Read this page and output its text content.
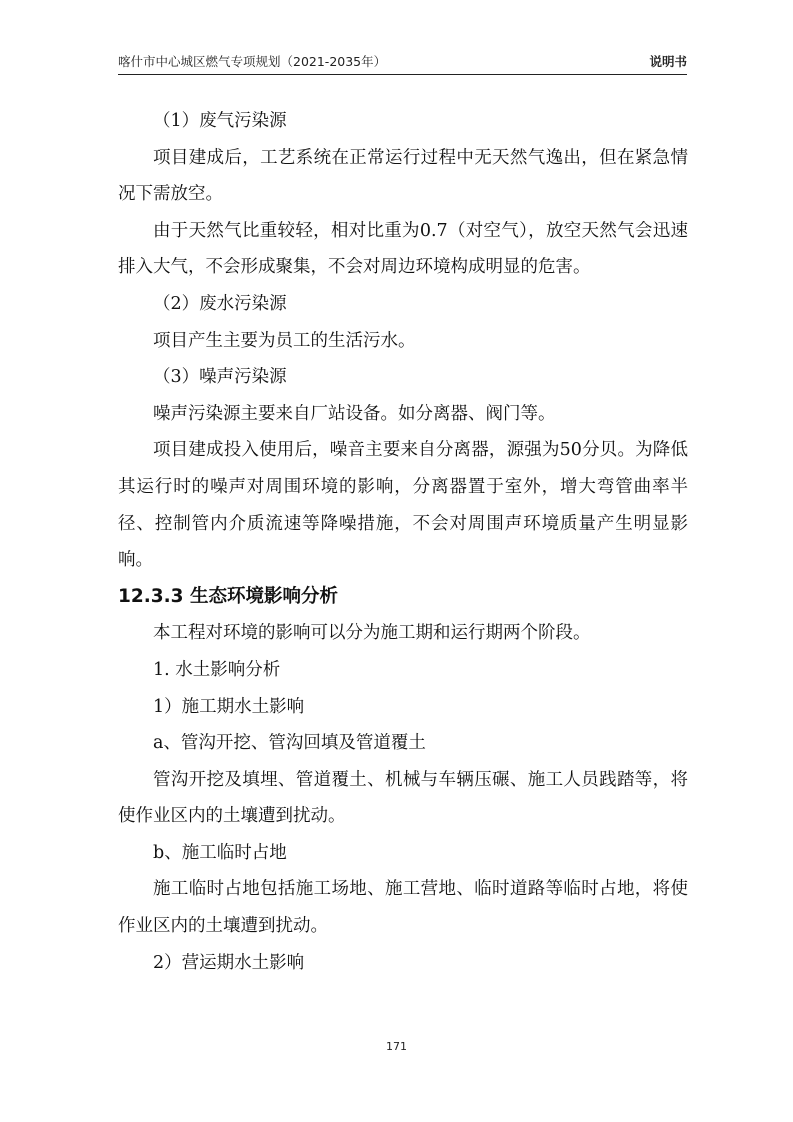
喀什市中心城区燃气专项规划（2021-2035年）	说明书

（1）废气污染源

项目建成后，工艺系统在正常运行过程中无天然气逸出，但在紧急情况下需放空。

由于天然气比重较轻，相对比重为0.7（对空气），放空天然气会迅速排入大气，不会形成聚集，不会对周边环境构成明显的危害。

（2）废水污染源

项目产生主要为员工的生活污水。

（3）噪声污染源

噪声污染源主要来自厂站设备。如分离器、阀门等。

项目建成投入使用后，噪音主要来自分离器，源强为50分贝。为降低其运行时的噪声对周围环境的影响，分离器置于室外，增大弯管曲率半径、控制管内介质流速等降噪措施，不会对周围声环境质量产生明显影响。

12.3.3 生态环境影响分析

本工程对环境的影响可以分为施工期和运行期两个阶段。

1. 水土影响分析

1）施工期水土影响

a、管沟开挖、管沟回填及管道覆土

管沟开挖及填埋、管道覆土、机械与车辆压碾、施工人员践踏等，将使作业区内的土壤遭到扰动。

b、施工临时占地

施工临时占地包括施工场地、施工营地、临时道路等临时占地，将使作业区内的土壤遭到扰动。

2）营运期水土影响

171
